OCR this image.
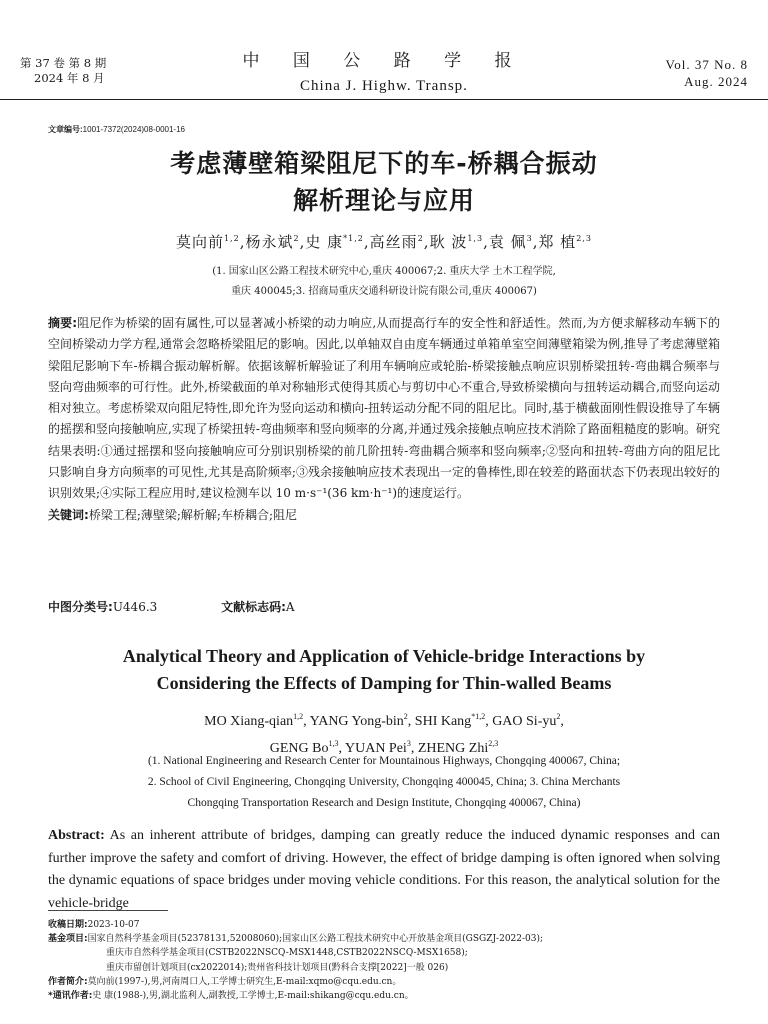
第 37 卷 第 8 期
2024 年 8 月
中 国 公 路 学 报
China J. Highw. Transp.
Vol. 37 No. 8
Aug. 2024
文章编号:1001-7372(2024)08-0001-16
考虑薄壁箱梁阻尼下的车-桥耦合振动
解析理论与应用
莫向前$^{1,2}$,杨永斌$^2$,史 康$^{*1,2}$,高丝雨$^2$,耿 波$^{1,3}$,袁 佩$^3$,郑 植$^{2,3}$
(1. 国家山区公路工程技术研究中心,重庆 400067;2. 重庆大学 土木工程学院,
重庆 400045;3. 招商局重庆交通科研设计院有限公司,重庆 400067)
摘要:阻尼作为桥梁的固有属性,可以显著减小桥梁的动力响应,从而提高行车的安全性和舒适性。然而,为方便求解移动车辆下的空间桥梁动力学方程,通常会忽略桥梁阻尼的影响。因此,以单轴双自由度车辆通过单箱单室空间薄壁箱梁为例,推导了考虑薄壁箱梁阻尼影响下车-桥耦合振动解析解。依据该解析解验证了利用车辆响应或轮胎-桥梁接触点响应识别桥梁扭转-弯曲耦合频率与竖向弯曲频率的可行性。此外,桥梁截面的单对称轴形式使得其质心与剪切中心不重合,导致桥梁横向与扭转运动耦合,而竖向运动相对独立。考虑桥梁双向阻尼特性,即允许为竖向运动和横向-扭转运动分配不同的阻尼比。同时,基于横截面刚性假设推导了车辆的摇摆和竖向接触响应,实现了桥梁扭转-弯曲频率和竖向频率的分离,并通过残余接触点响应技术消除了路面粗糙度的影响。研究结果表明:①通过摇摆和竖向接触响应可分别识别桥梁的前几阶扭转-弯曲耦合频率和竖向频率;②竖向和扭转-弯曲方向的阻尼比只影响自身方向频率的可见性,尤其是高阶频率;③残余接触响应技术表现出一定的鲁棒性,即在较差的路面状态下仍表现出较好的识别效果;④实际工程应用时,建议检测车以 10 m·s⁻¹(36 km·h⁻¹)的速度运行。
关键词:桥梁工程;薄壁梁;解析解;车桥耦合;阻尼
中图分类号:U446.3	文献标志码:A
Analytical Theory and Application of Vehicle-bridge Interactions by
Considering the Effects of Damping for Thin-walled Beams
MO Xiang-qian$^{1,2}$, YANG Yong-bin$^2$, SHI Kang$^{*1,2}$, GAO $Si-yu^2$,
GENG Bo$^{1,3}$, YUAN Pei$^3$, ZHENG Zhi$^{2,3}$
(1. National Engineering and Research Center for Mountainous Highways, Chongqing 400067, China;
2. School of Civil Engineering, Chongqing University, Chongqing 400045, China; 3. China Merchants
Chongqing Transportation Research and Design Institute, Chongqing 400067, China)
Abstract: As an inherent attribute of bridges, damping can greatly reduce the induced dynamic responses and can further improve the safety and comfort of driving. However, the effect of bridge damping is often ignored when solving the dynamic equations of space bridges under moving vehicle conditions. For this reason, the analytical solution for the vehicle-bridge
收稿日期:2023-10-07
基金项目:国家自然科学基金项目(52378131,52008060);国家山区公路工程技术研究中心开放基金项目(GSGZJ-2022-03);
重庆市自然科学基金项目(CSTB2022NSCQ-MSX1448,CSTB2022NSCQ-MSX1658);
重庆市留创计划项目(cx2022014);贵州省科技计划项目(黔科合支撑[2022]一般 026)
作者简介:莫向前(1997-),男,河南周口人,工学博士研究生,E-mail:xqmo@cqu.edu.cn。
*通讯作者:史 康(1988-),男,湖北监利人,副教授,工学博士,E-mail:shikang@cqu.edu.cn。
